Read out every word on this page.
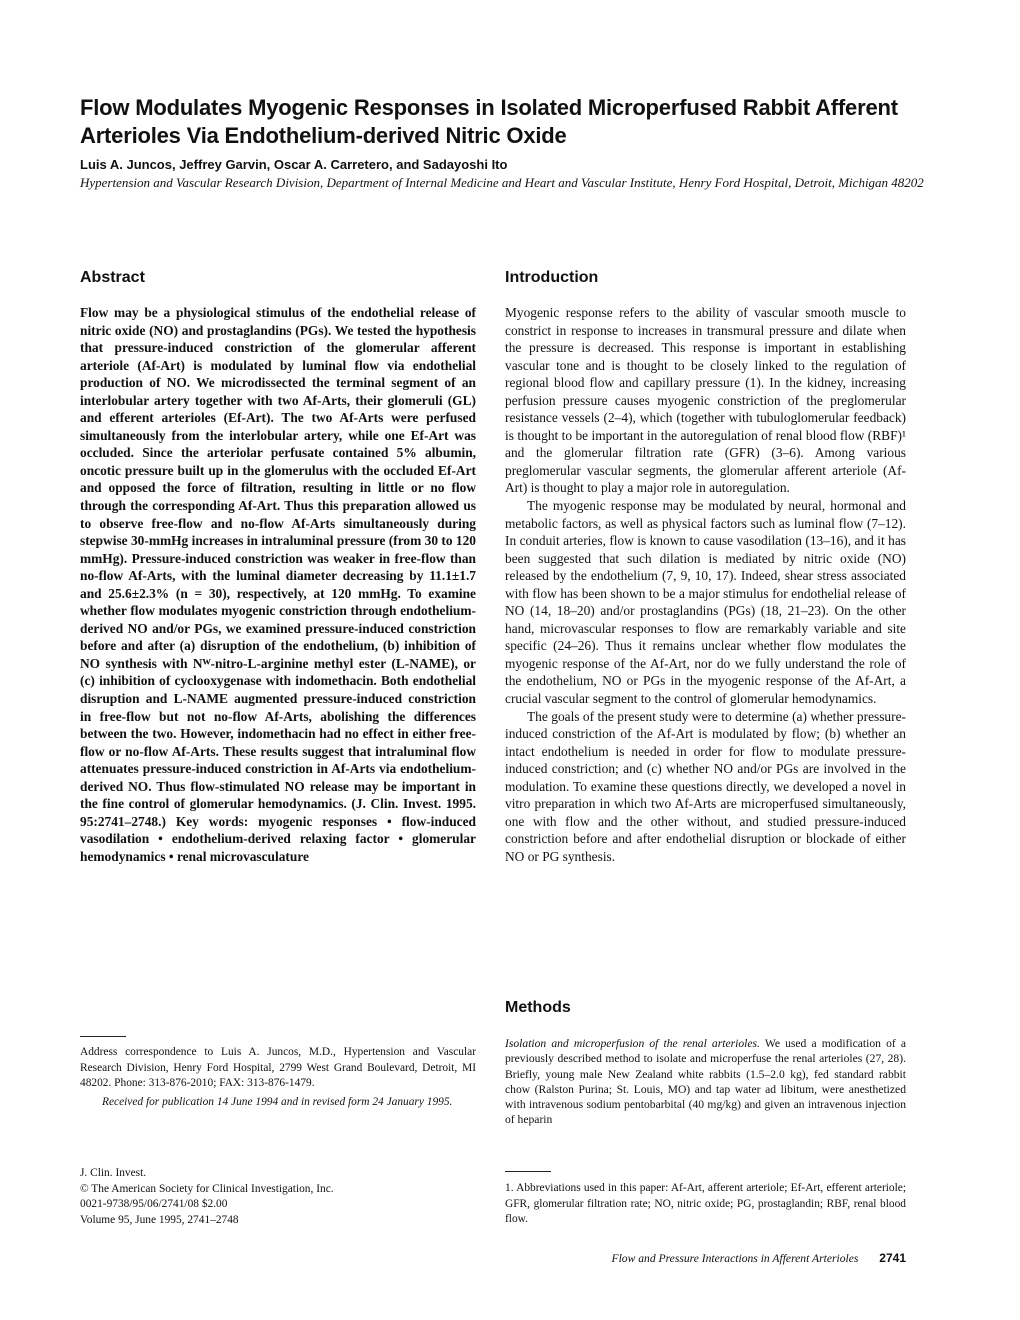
Flow Modulates Myogenic Responses in Isolated Microperfused Rabbit Afferent Arterioles Via Endothelium-derived Nitric Oxide
Luis A. Juncos, Jeffrey Garvin, Oscar A. Carretero, and Sadayoshi Ito
Hypertension and Vascular Research Division, Department of Internal Medicine and Heart and Vascular Institute, Henry Ford Hospital, Detroit, Michigan 48202
Abstract

Flow may be a physiological stimulus of the endothelial release of nitric oxide (NO) and prostaglandins (PGs). We tested the hypothesis that pressure-induced constriction of the glomerular afferent arteriole (Af-Art) is modulated by luminal flow via endothelial production of NO. We microdissected the terminal segment of an interlobular artery together with two Af-Arts, their glomeruli (GL) and efferent arterioles (Ef-Art). The two Af-Arts were perfused simultaneously from the interlobular artery, while one Ef-Art was occluded. Since the arteriolar perfusate contained 5% albumin, oncotic pressure built up in the glomerulus with the occluded Ef-Art and opposed the force of filtration, resulting in little or no flow through the corresponding Af-Art. Thus this preparation allowed us to observe free-flow and no-flow Af-Arts simultaneously during stepwise 30-mmHg increases in intraluminal pressure (from 30 to 120 mmHg). Pressure-induced constriction was weaker in free-flow than no-flow Af-Arts, with the luminal diameter decreasing by 11.1±1.7 and 25.6±2.3% (n = 30), respectively, at 120 mmHg. To examine whether flow modulates myogenic constriction through endothelium-derived NO and/or PGs, we examined pressure-induced constriction before and after (a) disruption of the endothelium, (b) inhibition of NO synthesis with Nᵂ-nitro-L-arginine methyl ester (L-NAME), or (c) inhibition of cyclooxygenase with indomethacin. Both endothelial disruption and L-NAME augmented pressure-induced constriction in free-flow but not no-flow Af-Arts, abolishing the differences between the two. However, indomethacin had no effect in either free-flow or no-flow Af-Arts. These results suggest that intraluminal flow attenuates pressure-induced constriction in Af-Arts via endothelium-derived NO. Thus flow-stimulated NO release may be important in the fine control of glomerular hemodynamics. (J. Clin. Invest. 1995. 95:2741–2748.) Key words: myogenic responses • flow-induced vasodilation • endothelium-derived relaxing factor • glomerular hemodynamics • renal microvasculature

Introduction

Myogenic response refers to the ability of vascular smooth muscle to constrict in response to increases in transmural pressure and dilate when the pressure is decreased. This response is important in establishing vascular tone and is thought to be closely linked to the regulation of regional blood flow and capillary pressure (1). In the kidney, increasing perfusion pressure causes myogenic constriction of the preglomerular resistance vessels (2–4), which (together with tubuloglomerular feedback) is thought to be important in the autoregulation of renal blood flow (RBF)¹ and the glomerular filtration rate (GFR) (3–6). Among various preglomerular vascular segments, the glomerular afferent arteriole (Af-Art) is thought to play a major role in autoregulation.

The myogenic response may be modulated by neural, hormonal and metabolic factors, as well as physical factors such as luminal flow (7–12). In conduit arteries, flow is known to cause vasodilation (13–16), and it has been suggested that such dilation is mediated by nitric oxide (NO) released by the endothelium (7, 9, 10, 17). Indeed, shear stress associated with flow has been shown to be a major stimulus for endothelial release of NO (14, 18–20) and/or prostaglandins (PGs) (18, 21–23). On the other hand, microvascular responses to flow are remarkably variable and site specific (24–26). Thus it remains unclear whether flow modulates the myogenic response of the Af-Art, nor do we fully understand the role of the endothelium, NO or PGs in the myogenic response of the Af-Art, a crucial vascular segment to the control of glomerular hemodynamics.

The goals of the present study were to determine (a) whether pressure-induced constriction of the Af-Art is modulated by flow; (b) whether an intact endothelium is needed in order for flow to modulate pressure-induced constriction; and (c) whether NO and/or PGs are involved in the modulation. To examine these questions directly, we developed a novel in vitro preparation in which two Af-Arts are microperfused simultaneously, one with flow and the other without, and studied pressure-induced constriction before and after endothelial disruption or blockade of either NO or PG synthesis.

Methods

Isolation and microperfusion of the renal arterioles. We used a modification of a previously described method to isolate and microperfuse the renal arterioles (27, 28). Briefly, young male New Zealand white rabbits (1.5–2.0 kg), fed standard rabbit chow (Ralston Purina; St. Louis, MO) and tap water ad libitum, were anesthetized with intravenous sodium pentobarbital (40 mg/kg) and given an intravenous injection of heparin

Address correspondence to Luis A. Juncos, M.D., Hypertension and Vascular Research Division, Henry Ford Hospital, 2799 West Grand Boulevard, Detroit, MI 48202. Phone: 313-876-2010; FAX: 313-876-1479.

Received for publication 14 June 1994 and in revised form 24 January 1995.

J. Clin. Invest.
© The American Society for Clinical Investigation, Inc.
0021-9738/95/06/2741/08 $2.00
Volume 95, June 1995, 2741–2748
1. Abbreviations used in this paper: Af-Art, afferent arteriole; Ef-Art, efferent arteriole; GFR, glomerular filtration rate; NO, nitric oxide; PG, prostaglandin; RBF, renal blood flow.
Flow and Pressure Interactions in Afferent Arterioles 2741
